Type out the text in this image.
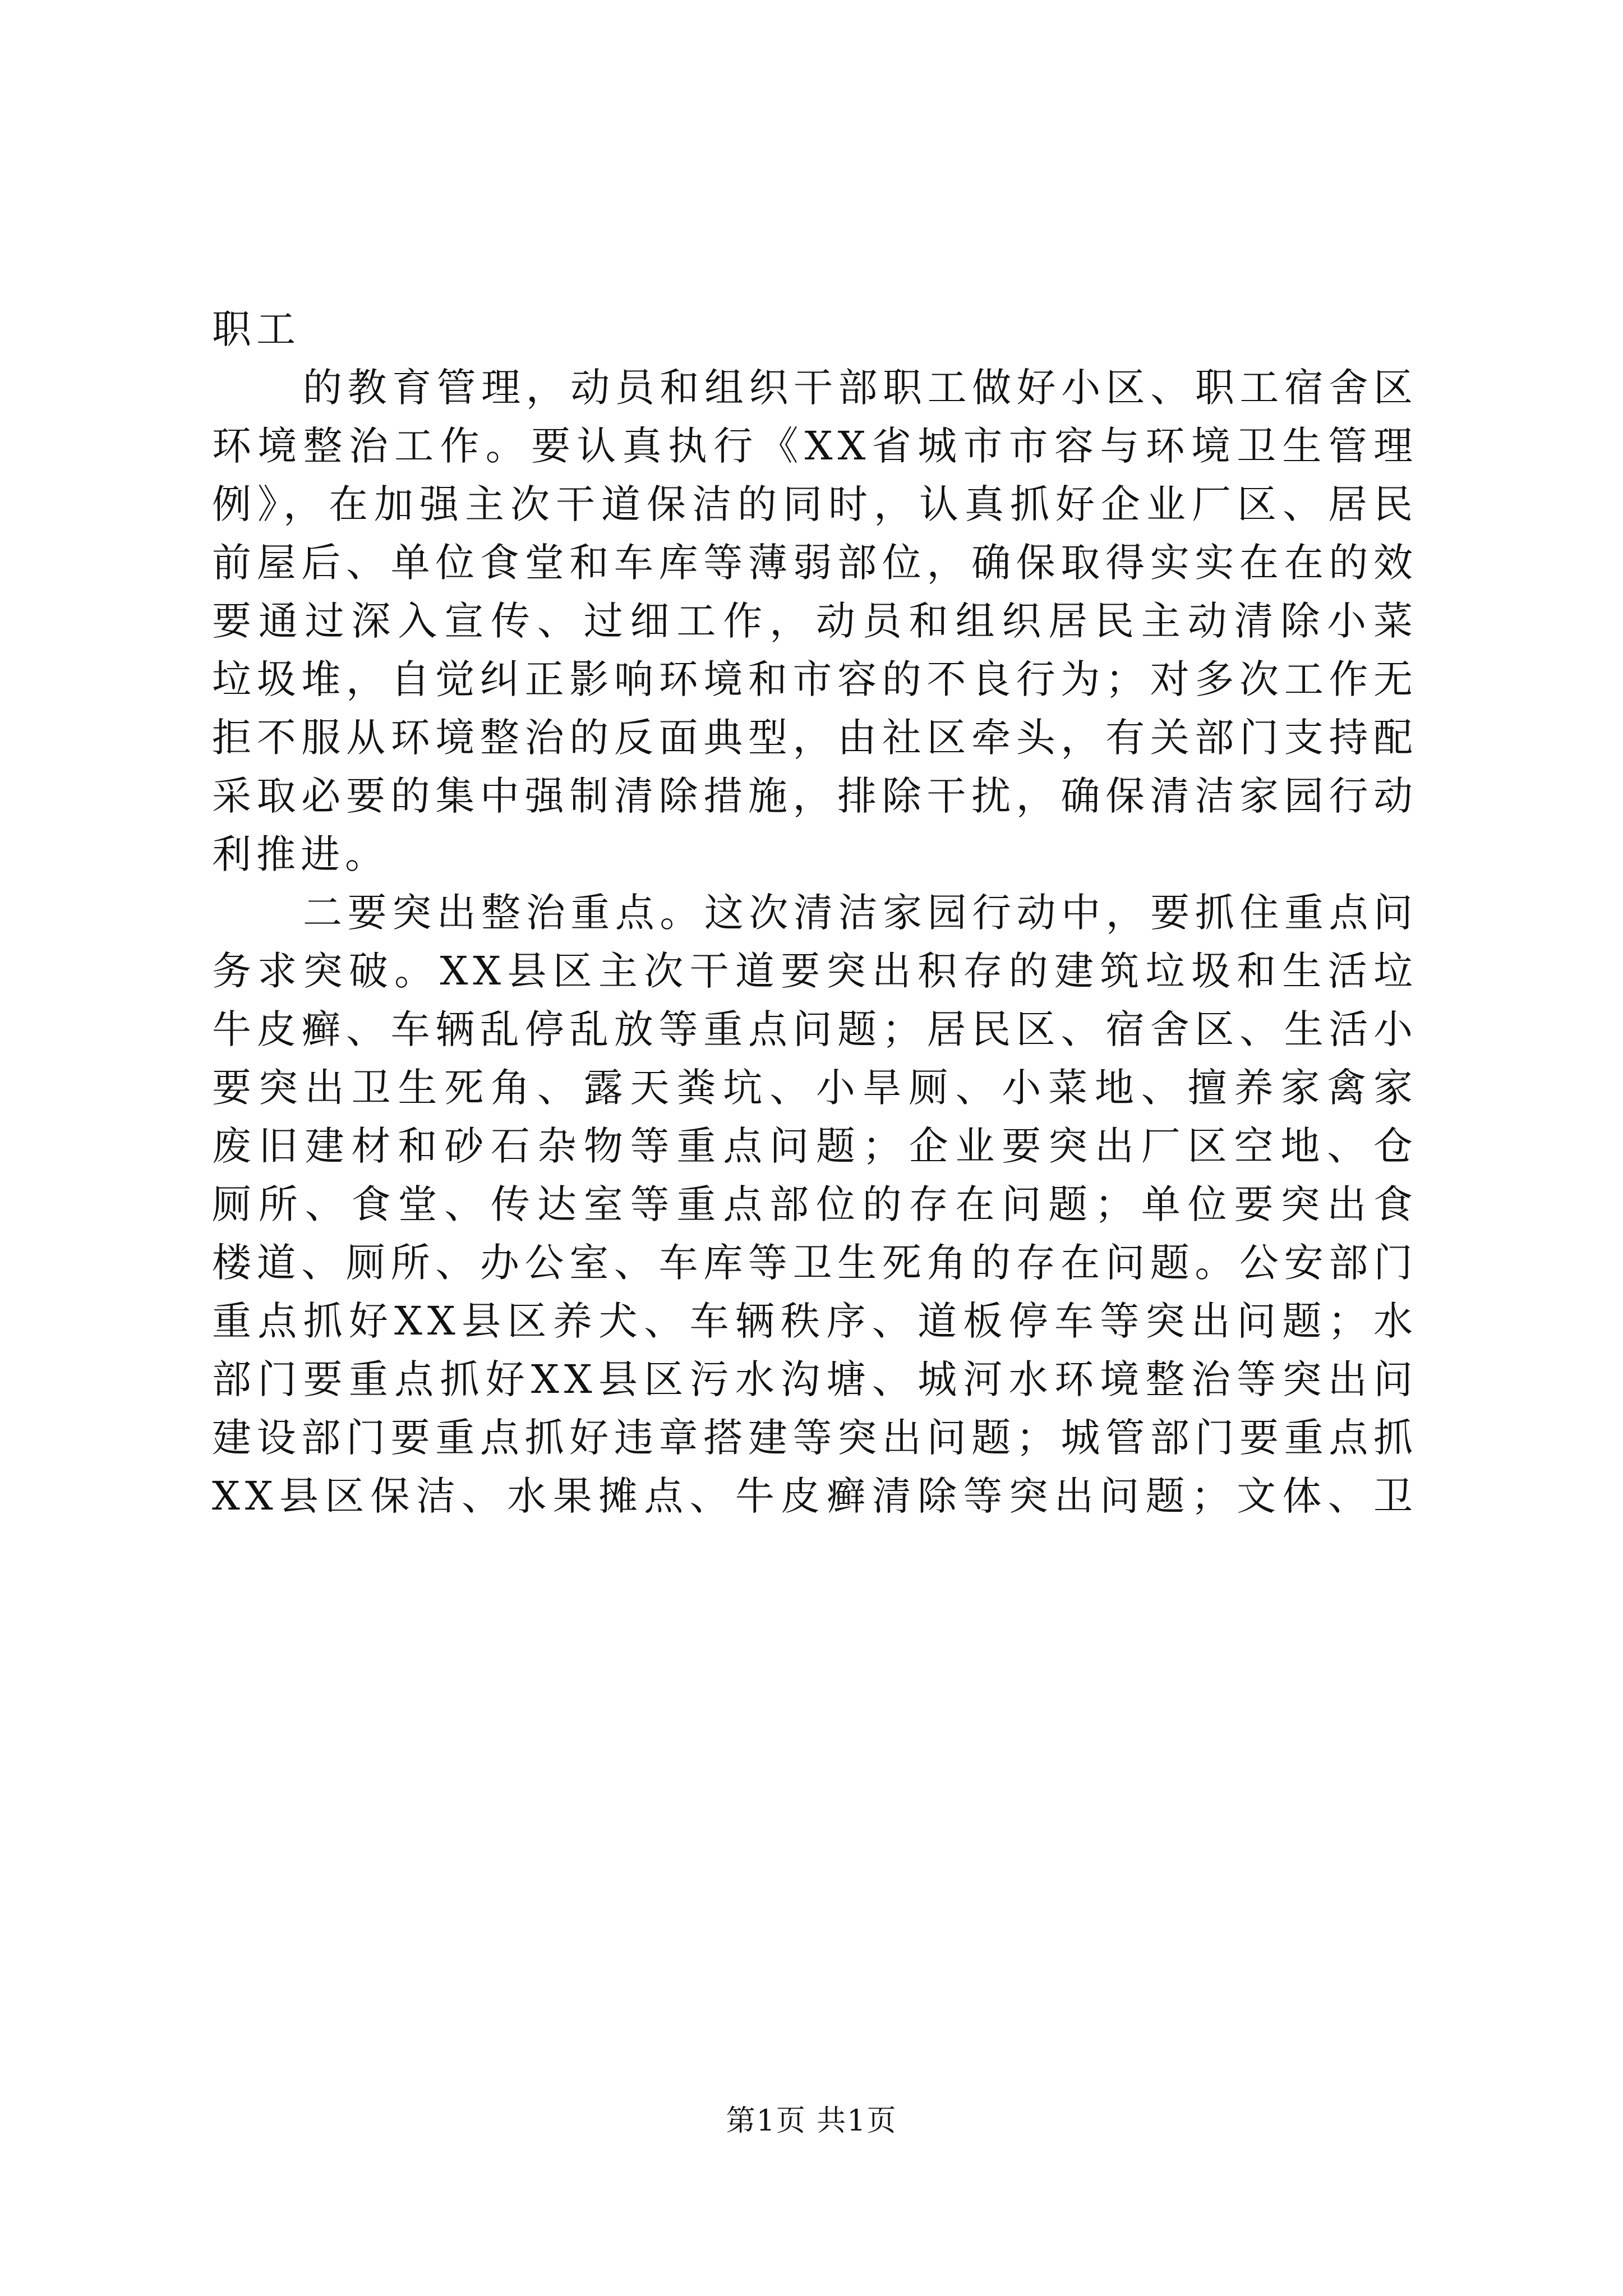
职工
的教育管理，动员和组织干部职工做好小区、职工宿舍区
环境整治工作。要认真执行《XX省城市市容与环境卫生管理
例》，在加强主次干道保洁的同时，认真抓好企业厂区、居民
前屋后、单位食堂和车库等薄弱部位，确保取得实实在在的效
要通过深入宣传、过细工作，动员和组织居民主动清除小菜
垃圾堆，自觉纠正影响环境和市容的不良行为；对多次工作无
拒不服从环境整治的反面典型，由社区牵头，有关部门支持配
采取必要的集中强制清除措施，排除干扰，确保清洁家园行动
利推进。
二要突出整治重点。这次清洁家园行动中，要抓住重点问
务求突破。XX县区主次干道要突出积存的建筑垃圾和生活垃
牛皮癣、车辆乱停乱放等重点问题；居民区、宿舍区、生活小
要突出卫生死角、露天粪坑、小旱厕、小菜地、擅养家禽家
废旧建材和砂石杂物等重点问题；企业要突出厂区空地、仓
厕所、食堂、传达室等重点部位的存在问题；单位要突出食
楼道、厕所、办公室、车库等卫生死角的存在问题。公安部门
重点抓好XX县区养犬、车辆秩序、道板停车等突出问题；水
部门要重点抓好XX县区污水沟塘、城河水环境整治等突出问
建设部门要重点抓好违章搭建等突出问题；城管部门要重点抓
XX县区保洁、水果摊点、牛皮癣清除等突出问题；文体、卫
第1页 共1页
